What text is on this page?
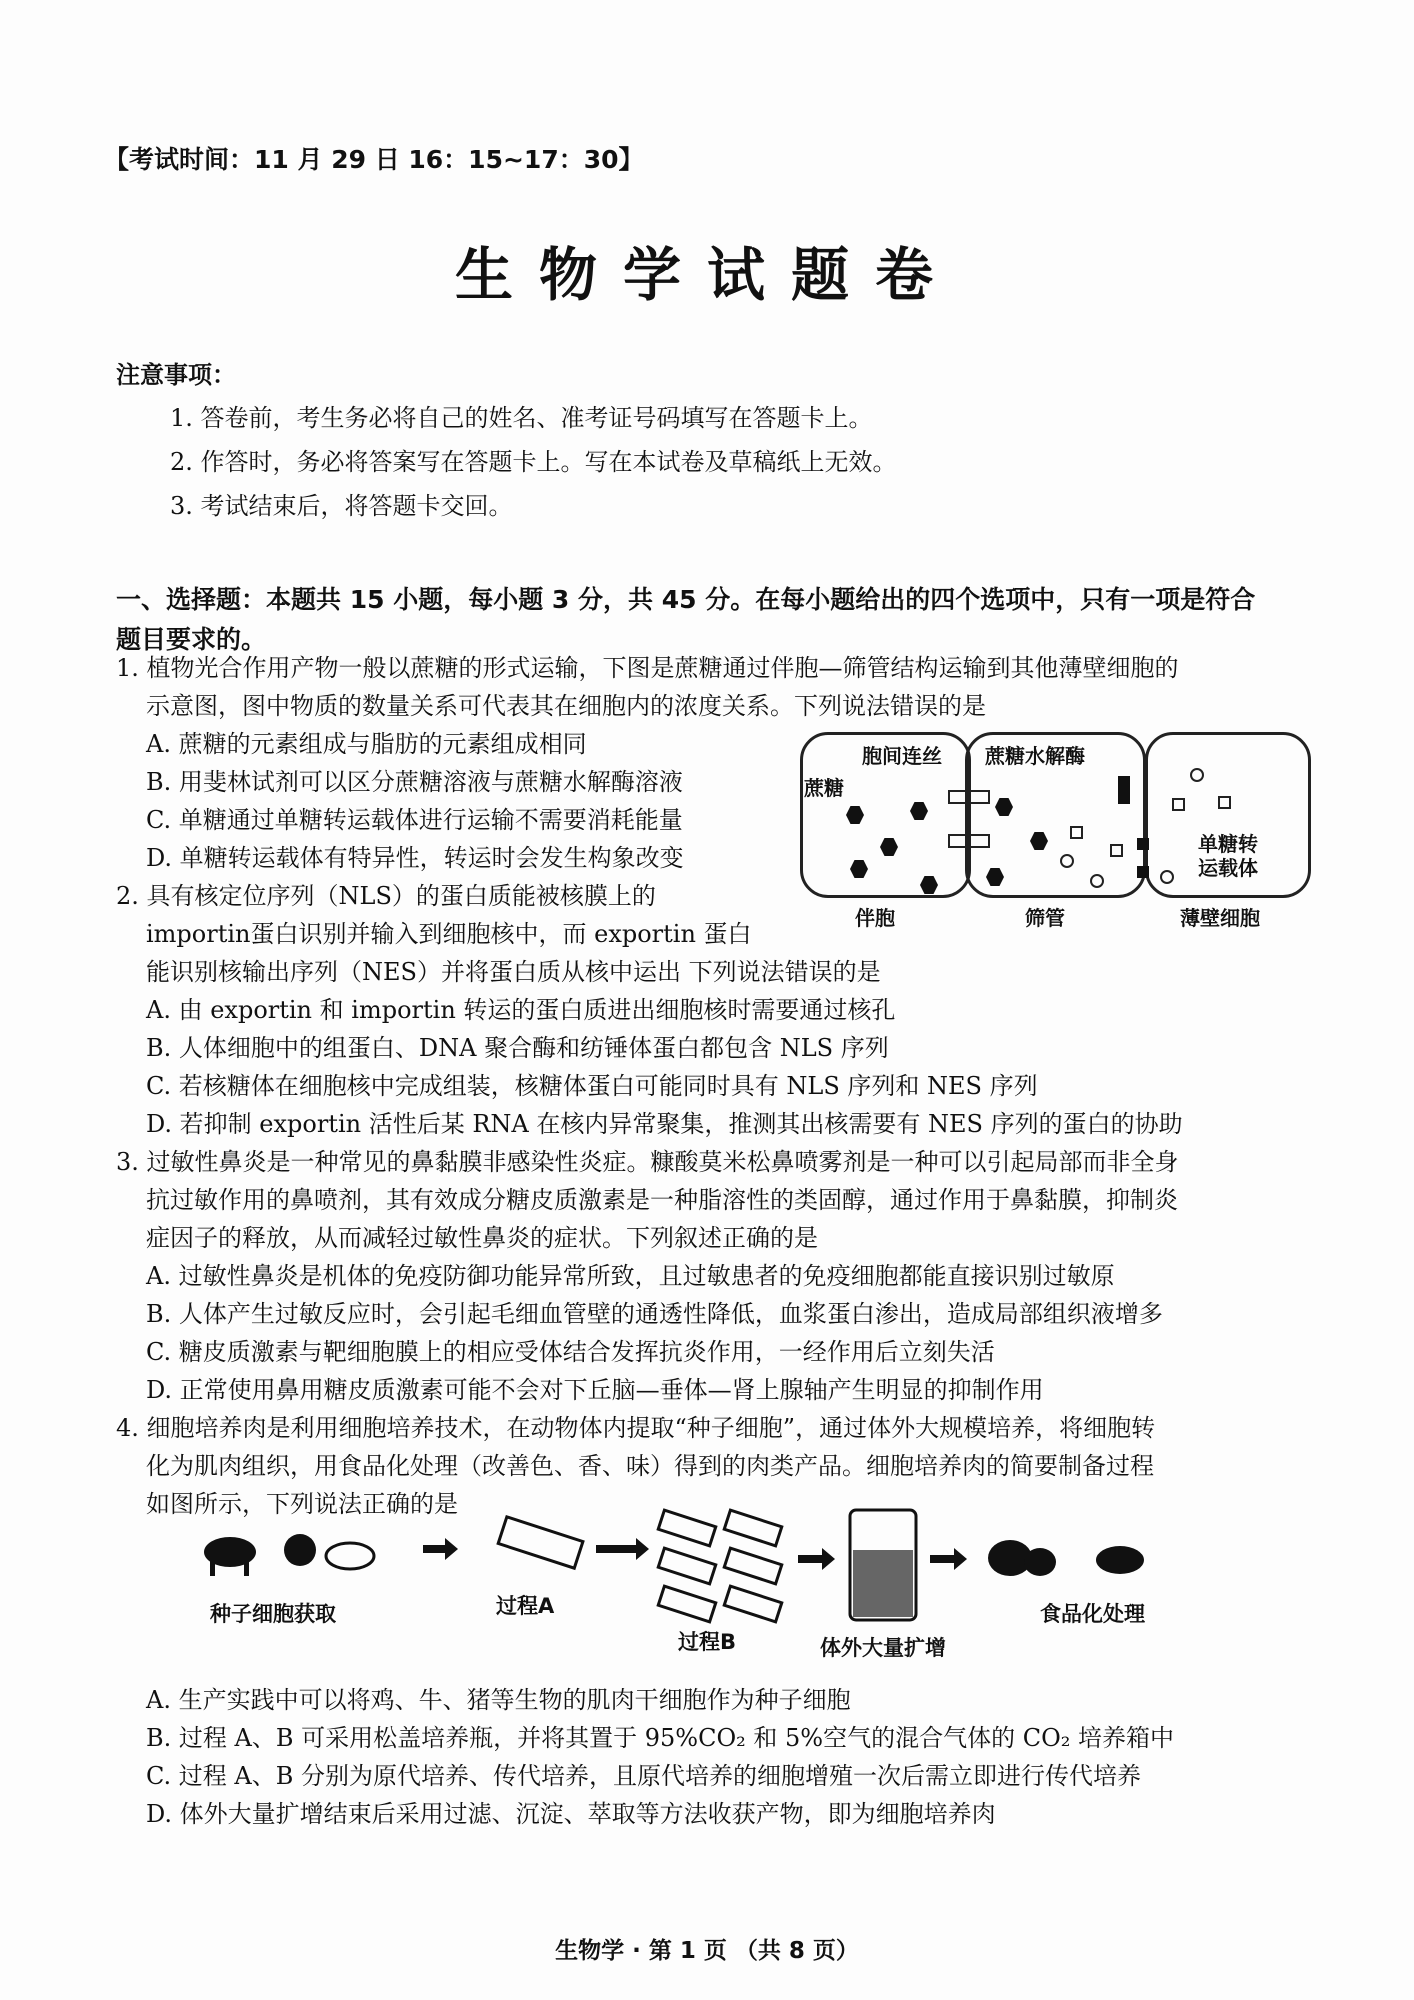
【考试时间：11 月 29 日 16：15~17：30】
生物学试题卷
注意事项：
1. 答卷前，考生务必将自己的姓名、准考证号码填写在答题卡上。
2. 作答时，务必将答案写在答题卡上。写在本试卷及草稿纸上无效。
3. 考试结束后，将答题卡交回。
一、选择题：本题共 15 小题，每小题 3 分，共 45 分。在每小题给出的四个选项中，只有一项是符合
题目要求的。
1. 植物光合作用产物一般以蔗糖的形式运输，下图是蔗糖通过伴胞—筛管结构运输到其他薄壁细胞的
示意图，图中物质的数量关系可代表其在细胞内的浓度关系。下列说法错误的是
A. 蔗糖的元素组成与脂肪的元素组成相同
B. 用斐林试剂可以区分蔗糖溶液与蔗糖水解酶溶液
C. 单糖通过单糖转运载体进行运输不需要消耗能量
D. 单糖转运载体有特异性，转运时会发生构象改变
胞间连丝 蔗糖水解酶
蔗糖
单糖转
运载体
伴胞	筛管	薄壁细胞
2. 具有核定位序列（NLS）的蛋白质能被核膜上的
importin蛋白识别并输入到细胞核中，而 exportin 蛋白
能识别核输出序列（NES）并将蛋白质从核中运出 下列说法错误的是
A. 由 exportin 和 importin 转运的蛋白质进出细胞核时需要通过核孔
B. 人体细胞中的组蛋白、DNA 聚合酶和纺锤体蛋白都包含 NLS 序列
C. 若核糖体在细胞核中完成组装，核糖体蛋白可能同时具有 NLS 序列和 NES 序列
D. 若抑制 exportin 活性后某 RNA 在核内异常聚集，推测其出核需要有 NES 序列的蛋白的协助
3. 过敏性鼻炎是一种常见的鼻黏膜非感染性炎症。糠酸莫米松鼻喷雾剂是一种可以引起局部而非全身
抗过敏作用的鼻喷剂，其有效成分糖皮质激素是一种脂溶性的类固醇，通过作用于鼻黏膜，抑制炎
症因子的释放，从而减轻过敏性鼻炎的症状。下列叙述正确的是
A. 过敏性鼻炎是机体的免疫防御功能异常所致，且过敏患者的免疫细胞都能直接识别过敏原
B. 人体产生过敏反应时，会引起毛细血管壁的通透性降低，血浆蛋白渗出，造成局部组织液增多
C. 糖皮质激素与靶细胞膜上的相应受体结合发挥抗炎作用，一经作用后立刻失活
D. 正常使用鼻用糖皮质激素可能不会对下丘脑—垂体—肾上腺轴产生明显的抑制作用
4. 细胞培养肉是利用细胞培养技术，在动物体内提取“种子细胞”，通过体外大规模培养，将细胞转
化为肌肉组织，用食品化处理（改善色、香、味）得到的肉类产品。细胞培养肉的简要制备过程
如图所示，下列说法正确的是
种子细胞获取	过程A
过程B	体外大量扩增
食品化处理
A. 生产实践中可以将鸡、牛、猪等生物的肌肉干细胞作为种子细胞
B. 过程 A、B 可采用松盖培养瓶，并将其置于 95%CO₂ 和 5%空气的混合气体的 CO₂ 培养箱中
C. 过程 A、B 分别为原代培养、传代培养，且原代培养的细胞增殖一次后需立即进行传代培养
D. 体外大量扩增结束后采用过滤、沉淀、萃取等方法收获产物，即为细胞培养肉
生物学 · 第 1 页 （共 8 页）
